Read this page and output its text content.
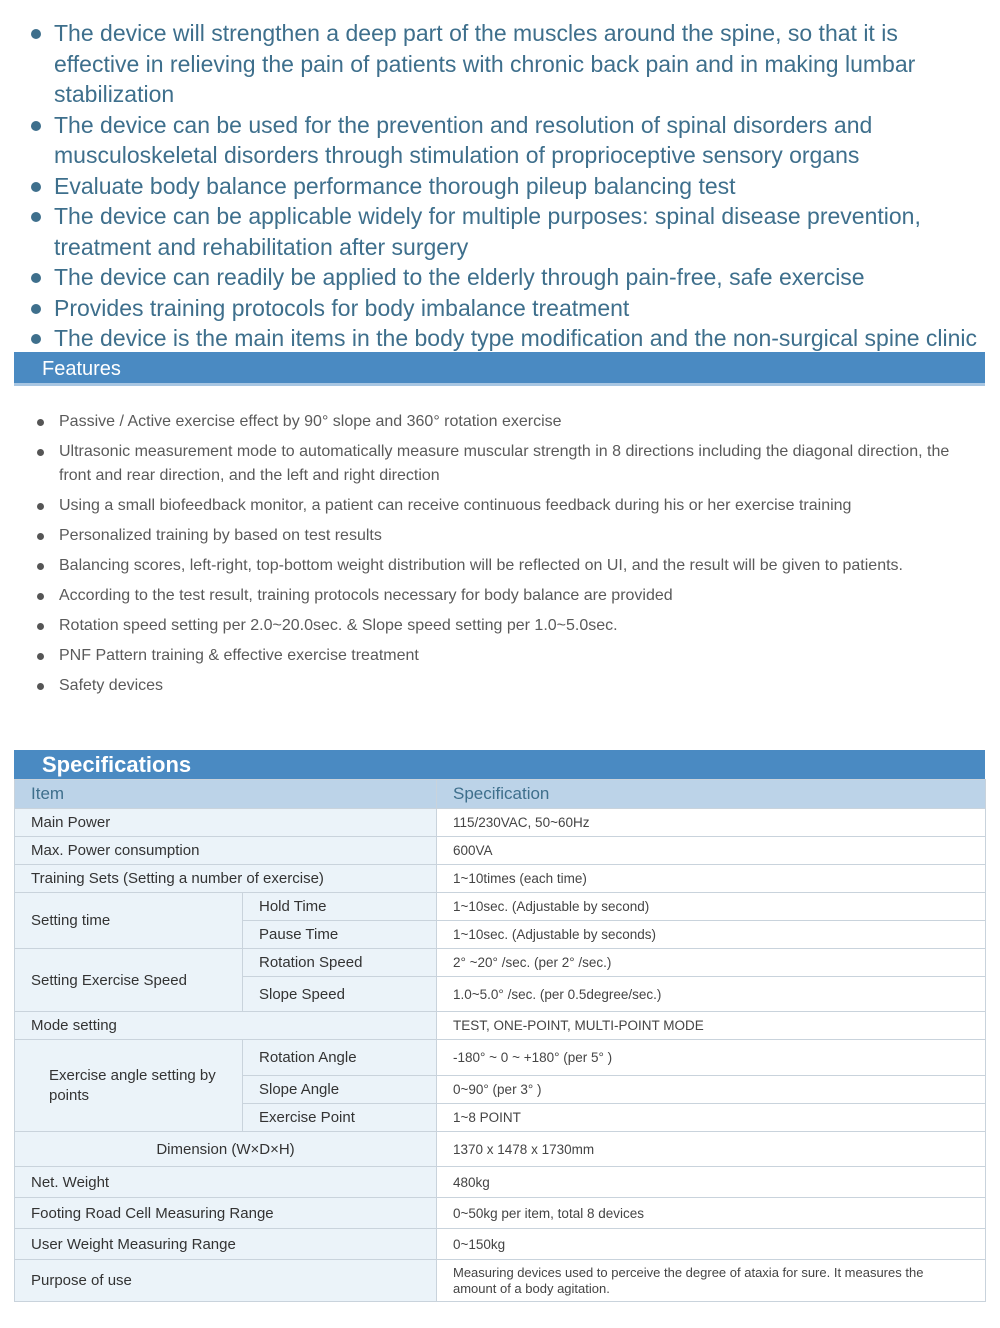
The device will strengthen a deep part of the muscles around the spine, so that it is effective in relieving the pain of patients with chronic back pain and in making lumbar stabilization
The device can be used for the prevention and resolution of spinal disorders and musculoskeletal disorders through stimulation of proprioceptive sensory organs
Evaluate body balance performance thorough pileup balancing test
The device can be applicable widely for multiple purposes: spinal disease prevention, treatment and rehabilitation after surgery
The device can readily be applied to the elderly through pain-free, safe exercise
Provides training protocols for body imbalance treatment
The device is the main items in the body type modification and the non-surgical spine clinic
Features
Passive / Active exercise effect by 90° slope and 360° rotation exercise
Ultrasonic measurement mode to automatically measure muscular strength in 8 directions including the diagonal direction, the front and rear direction, and the left and right direction
Using a small biofeedback monitor, a patient can receive continuous feedback during his or her exercise training
Personalized training by based on test results
Balancing scores, left-right, top-bottom weight distribution will be reflected on UI, and the result will be given to patients.
According to the test result, training protocols necessary for body balance are provided
Rotation speed setting per 2.0~20.0sec. & Slope speed setting per 1.0~5.0sec.
PNF Pattern training & effective exercise treatment
Safety devices
Specifications
Item		Specification
Main Power		115/230VAC, 50~60Hz
Max. Power consumption		600VA
Training Sets (Setting a number of exercise)		1~10times (each time)
Setting time	Hold Time	1~10sec. (Adjustable by second)
	Pause Time	1~10sec. (Adjustable by seconds)
Setting Exercise Speed	Rotation Speed	2° ~20° /sec. (per 2° /sec.)
	Slope Speed	1.0~5.0° /sec. (per 0.5degree/sec.)
Mode setting		TEST, ONE-POINT, MULTI-POINT MODE
Exercise angle setting by points	Rotation Angle	-180° ~ 0 ~ +180° (per 5° )
	Slope Angle	0~90° (per 3° )
	Exercise Point	1~8 POINT
Dimension (W×D×H)		1370 x 1478 x 1730mm
Net. Weight		480kg
Footing Road Cell Measuring Range		0~50kg per item, total 8 devices
User Weight Measuring Range		0~150kg
Purpose of use		Measuring devices used to perceive the degree of ataxia for sure. It measures the amount of a body agitation.
